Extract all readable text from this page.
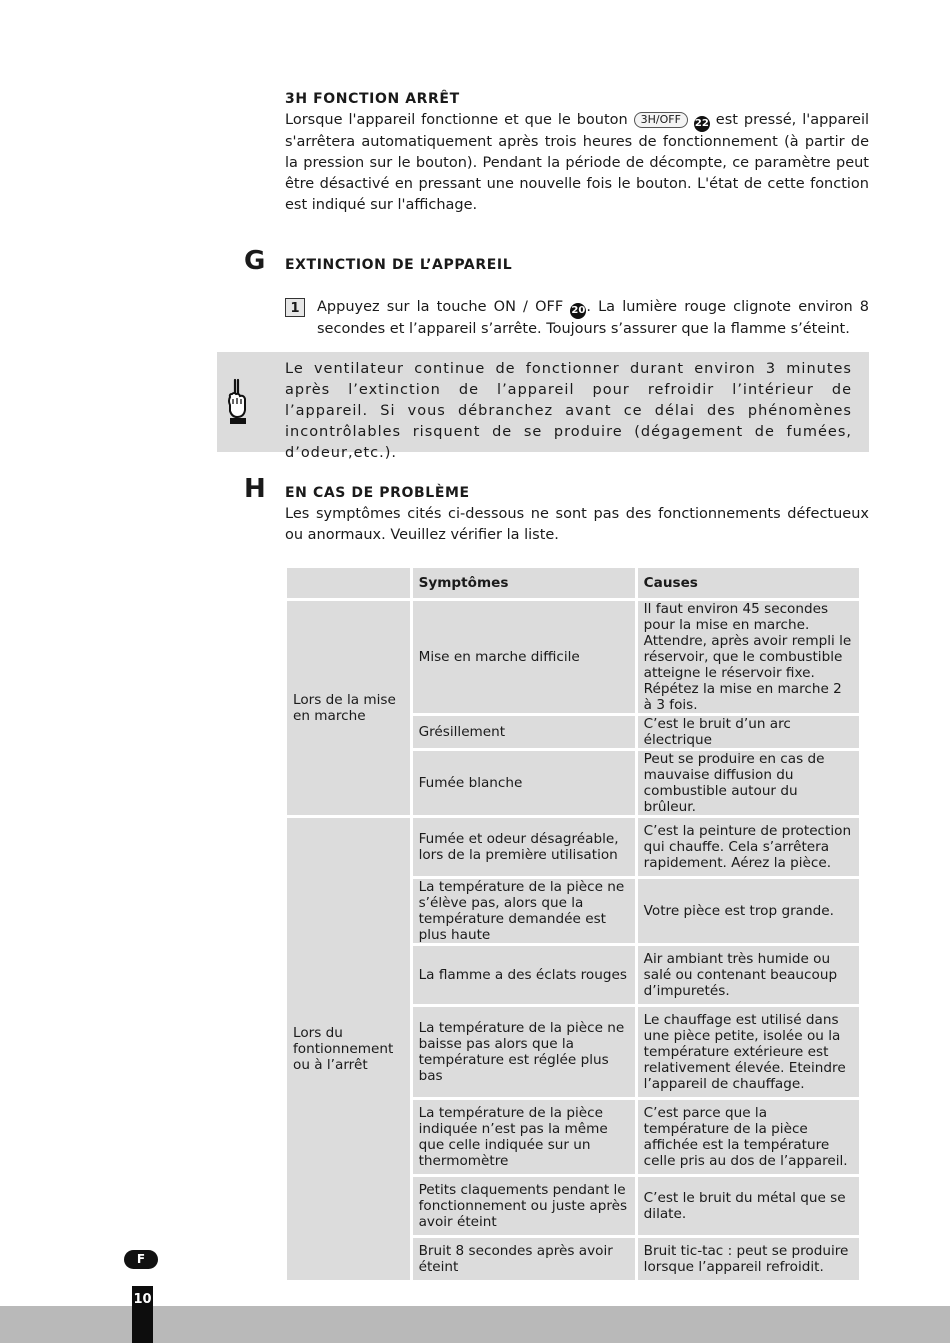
3H FONCTION ARRÊT
Lorsque l'appareil fonctionne et que le bouton 3H/OFF 22 est pressé, l'appareil s'arrêtera automatiquement après trois heures de fonctionnement (à partir de la pression sur le bouton). Pendant la période de décompte, ce paramètre peut être désactivé en pressant une nouvelle fois le bouton. L'état de cette fonction est indiqué sur l'affichage.
G EXTINCTION DE L’APPAREIL
1	Appuyez sur la touche ON / OFF 20. La lumière rouge clignote environ 8 secondes et l’appareil s’arrête. Toujours s’assurer que la flamme s’éteint.
Le ventilateur continue de fonctionner durant environ 3 minutes après l’extinction de l’appareil pour refroidir l’intérieur de l’appareil. Si vous débranchez avant ce délai des phénomènes incontrôlables risquent de se produire (dégagement de fumées, d’odeur,etc.).
H EN CAS DE PROBLÈME
Les symptômes cités ci-dessous ne sont pas des fonctionnements défectueux ou anormaux. Veuillez vérifier la liste.
	Symptômes	Causes
Lors de la mise en marche	Mise en marche difficile	Il faut environ 45 secondes pour la mise en marche. Attendre, après avoir rempli le réservoir, que le combustible atteigne le réservoir fixe. Répétez la mise en marche 2 à 3 fois.
	Grésillement	C’est le bruit d’un arc électrique
	Fumée blanche	Peut se produire en cas de mauvaise diffusion du combustible autour du brûleur.
Lors du fontionnement ou à l’arrêt	Fumée et odeur désagréable, lors de la première utilisation	C’est la peinture de protection qui chauffe. Cela s’arrêtera rapidement. Aérez la pièce.
	La température de la pièce ne s’élève pas, alors que la température demandée est plus haute	Votre pièce est trop grande.
	La flamme a des éclats rouges	Air ambiant très humide ou salé ou contenant beaucoup d’impuretés.
	La température de la pièce ne baisse pas alors que la température est réglée plus bas	Le chauffage est utilisé dans une pièce petite, isolée ou la température extérieure est relativement élevée. Eteindre l’appareil de chauffage.
	La température de la pièce indiquée n’est pas la même que celle indiquée sur un thermomètre	C’est parce que la température de la pièce affichée est la température celle pris au dos de l’appareil.
	Petits claquements pendant le fonctionnement ou juste après avoir éteint	C’est le bruit du métal que se dilate.
	Bruit 8 secondes après avoir éteint	Bruit tic-tac : peut se produire lorsque l’appareil refroidit.
F
10
